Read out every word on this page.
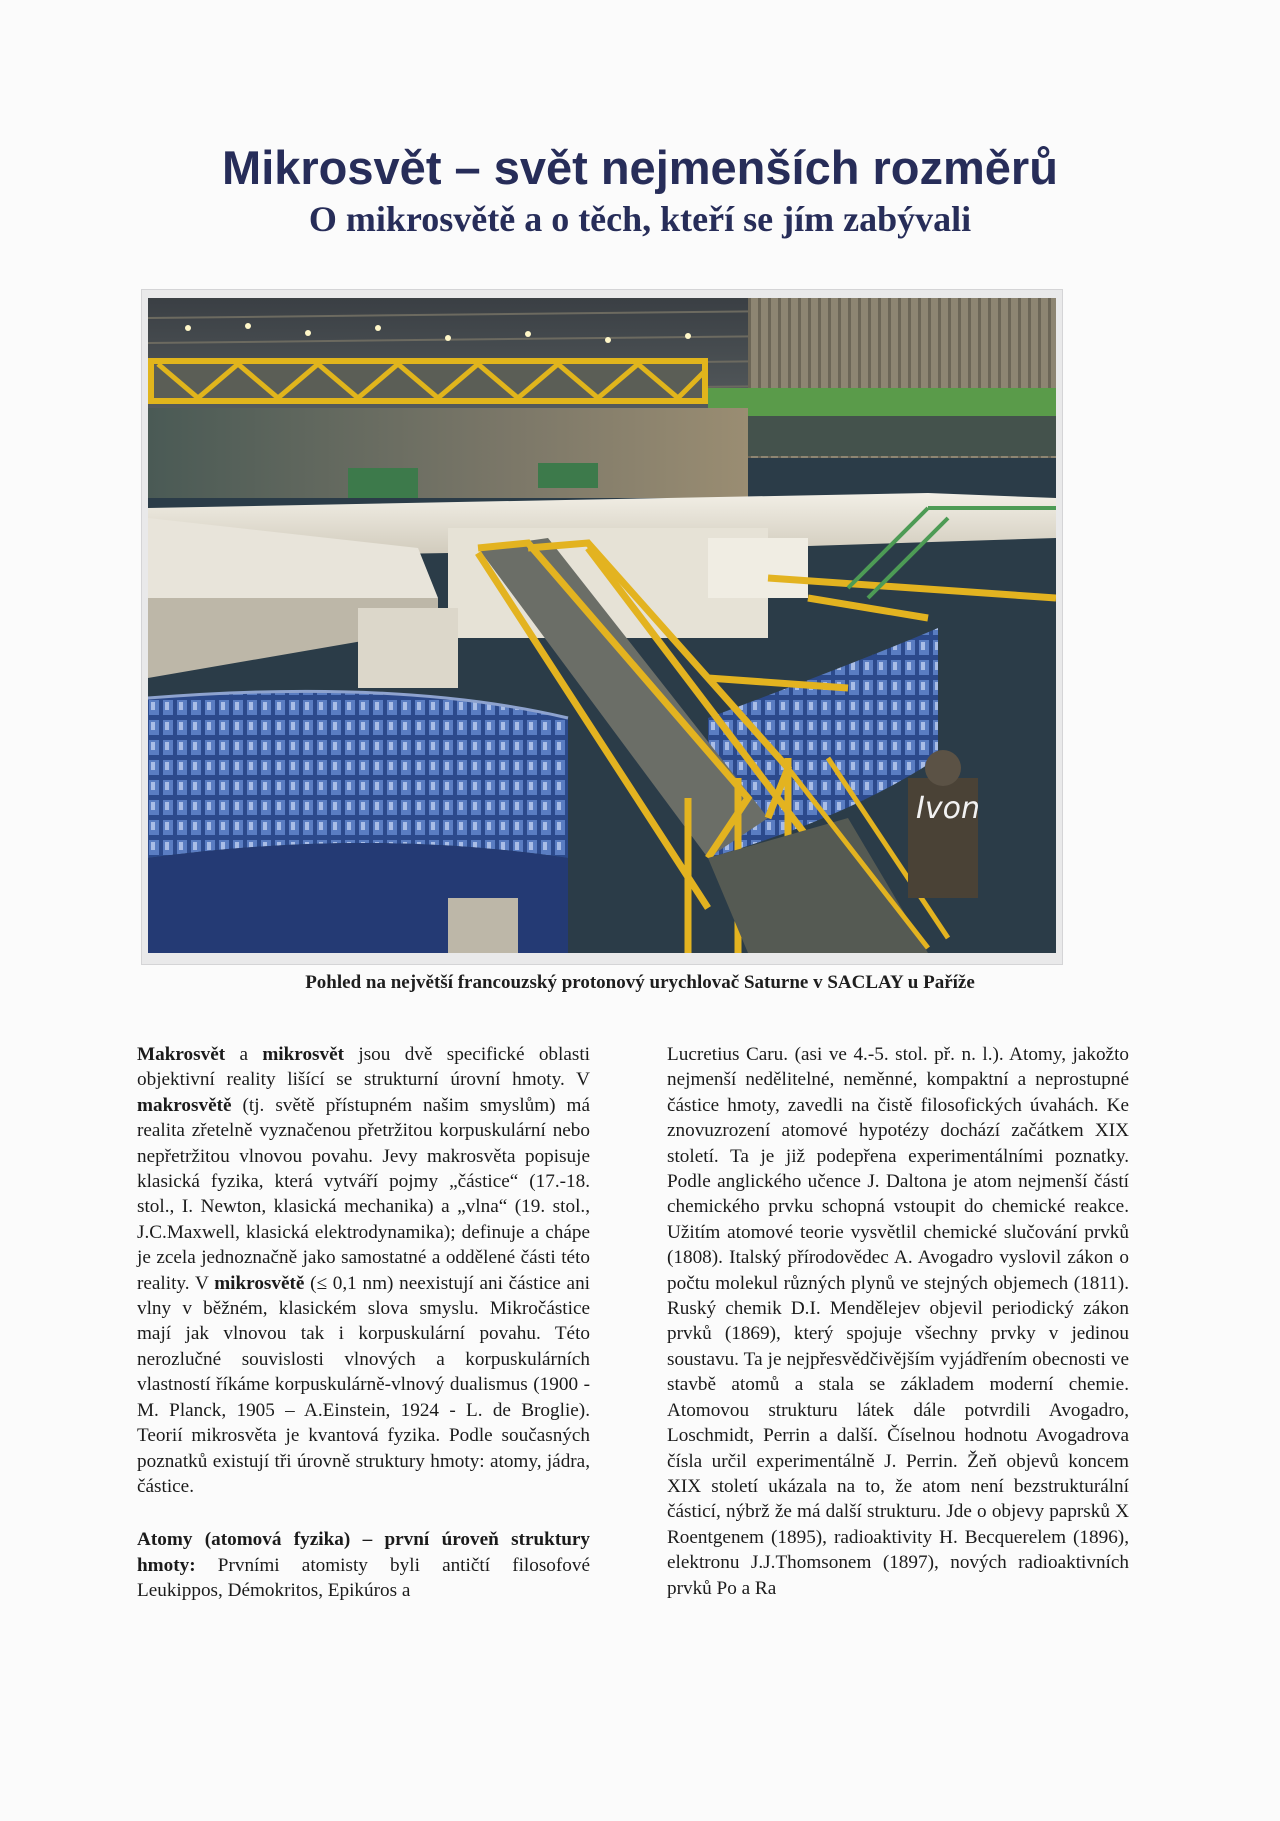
Mikrosvět – svět nejmenších rozměrů
O mikrosvětě a o těch, kteří se jím zabývali
Ivon
Pohled na největší francouzský protonový urychlovač Saturne v SACLAY u Paříže

Makrosvět a mikrosvět jsou dvě specifické oblasti objektivní reality lišící se strukturní úrovní hmoty. V makrosvětě (tj. světě přístupném našim smyslům) má realita zřetelně vyznačenou přetržitou korpuskulární nebo nepřetržitou vlnovou povahu. Jevy makrosvěta popisuje klasická fyzika, která vytváří pojmy „částice“ (17.-18. stol., I. Newton, klasická mechanika) a „vlna“ (19. stol., J.C.Maxwell, klasická elektrodynamika); definuje a chápe je zcela jednoznačně jako samostatné a oddělené části této reality. V mikrosvětě (≤ 0,1 nm) neexistují ani částice ani vlny v běžném, klasickém slova smyslu. Mikročástice mají jak vlnovou tak i korpuskulární povahu. Této nerozlučné souvislosti vlnových a korpuskulárních vlastností říkáme korpuskulárně-vlnový dualismus (1900 - M. Planck, 1905 – A.Einstein, 1924 - L. de Broglie). Teorií mikrosvěta je kvantová fyzika. Podle současných poznatků existují tři úrovně struktury hmoty: atomy, jádra, částice.

Atomy (atomová fyzika) – první úroveň struktury hmoty: Prvními atomisty byli antičtí filosofové Leukippos, Démokritos, Epikúros a

Lucretius Caru. (asi ve 4.-5. stol. př. n. l.). Atomy, jakožto nejmenší nedělitelné, neměnné, kompaktní a neprostupné částice hmoty, zavedli na čistě filosofických úvahách. Ke znovuzrození atomové hypotézy dochází začátkem XIX století. Ta je již podepřena experimentálními poznatky. Podle anglického učence J. Daltona je atom nejmenší částí chemického prvku schopná vstoupit do chemické reakce. Užitím atomové teorie vysvětlil chemické slučování prvků (1808). Italský přírodovědec A. Avogadro vyslovil zákon o počtu molekul různých plynů ve stejných objemech (1811). Ruský chemik D.I. Mendělejev objevil periodický zákon prvků (1869), který spojuje všechny prvky v jedinou soustavu. Ta je nejpřesvědčivějším vyjádřením obecnosti ve stavbě atomů a stala se základem moderní chemie. Atomovou strukturu látek dále potvrdili Avogadro, Loschmidt, Perrin a další. Číselnou hodnotu Avogadrova čísla určil experimentálně J. Perrin. Žeň objevů koncem XIX století ukázala na to, že atom není bezstrukturální částicí, nýbrž že má další strukturu. Jde o objevy paprsků X Roentgenem (1895), radioaktivity H. Becquerelem (1896), elektronu J.J.Thomsonem (1897), nových radioaktivních prvků Po a Ra
